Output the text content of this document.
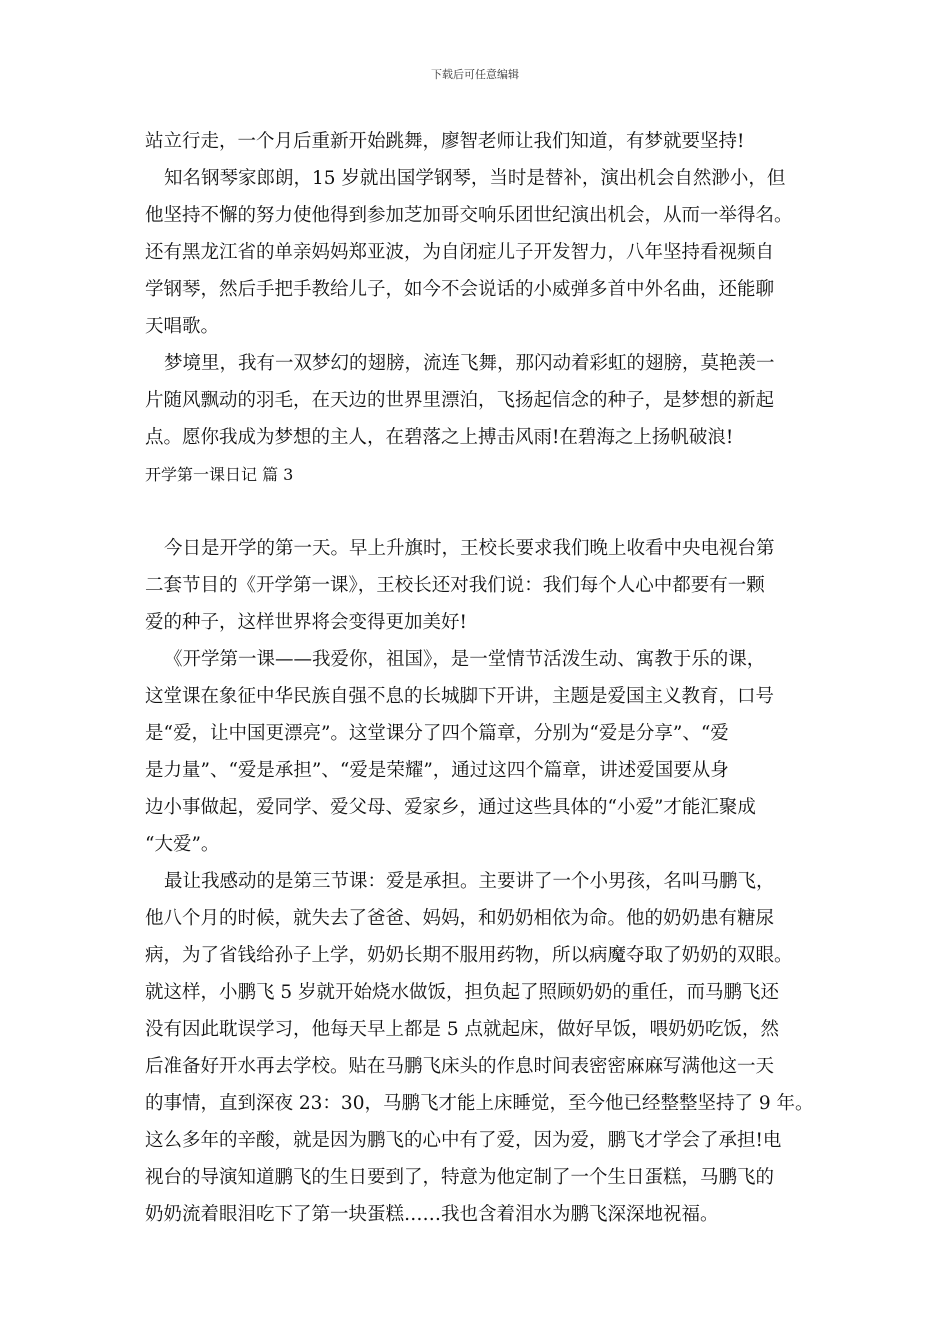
下载后可任意编辑
站立行走，一个月后重新开始跳舞，廖智老师让我们知道，有梦就要坚持!
知名钢琴家郎朗，15 岁就出国学钢琴，当时是替补，演出机会自然渺小，但
他坚持不懈的努力使他得到参加芝加哥交响乐团世纪演出机会，从而一举得名。
还有黑龙江省的单亲妈妈郑亚波，为自闭症儿子开发智力，八年坚持看视频自
学钢琴，然后手把手教给儿子，如今不会说话的小威弹多首中外名曲，还能聊
天唱歌。
梦境里，我有一双梦幻的翅膀，流连飞舞，那闪动着彩虹的翅膀，莫艳羡一
片随风飘动的羽毛，在天边的世界里漂泊，飞扬起信念的种子，是梦想的新起
点。愿你我成为梦想的主人，在碧落之上搏击风雨!在碧海之上扬帆破浪!
开学第一课日记 篇 3
今日是开学的第一天。早上升旗时，王校长要求我们晚上收看中央电视台第
二套节目的《开学第一课》，王校长还对我们说：我们每个人心中都要有一颗
爱的种子，这样世界将会变得更加美好!
《开学第一课——我爱你，祖国》，是一堂情节活泼生动、寓教于乐的课，
这堂课在象征中华民族自强不息的长城脚下开讲，主题是爱国主义教育，口号
是“爱，让中国更漂亮”。这堂课分了四个篇章，分别为“爱是分享”、“爱
是力量”、“爱是承担”、“爱是荣耀”，通过这四个篇章，讲述爱国要从身
边小事做起，爱同学、爱父母、爱家乡，通过这些具体的“小爱”才能汇聚成
“大爱”。
最让我感动的是第三节课：爱是承担。主要讲了一个小男孩，名叫马鹏飞，
他八个月的时候，就失去了爸爸、妈妈，和奶奶相依为命。他的奶奶患有糖尿
病，为了省钱给孙子上学，奶奶长期不服用药物，所以病魔夺取了奶奶的双眼。
就这样，小鹏飞 5 岁就开始烧水做饭，担负起了照顾奶奶的重任，而马鹏飞还
没有因此耽误学习，他每天早上都是 5 点就起床，做好早饭，喂奶奶吃饭，然
后准备好开水再去学校。贴在马鹏飞床头的作息时间表密密麻麻写满他这一天
的事情，直到深夜 23：30，马鹏飞才能上床睡觉，至今他已经整整坚持了 9 年。
这么多年的辛酸，就是因为鹏飞的心中有了爱，因为爱，鹏飞才学会了承担!电
视台的导演知道鹏飞的生日要到了，特意为他定制了一个生日蛋糕，马鹏飞的
奶奶流着眼泪吃下了第一块蛋糕……我也含着泪水为鹏飞深深地祝福。
